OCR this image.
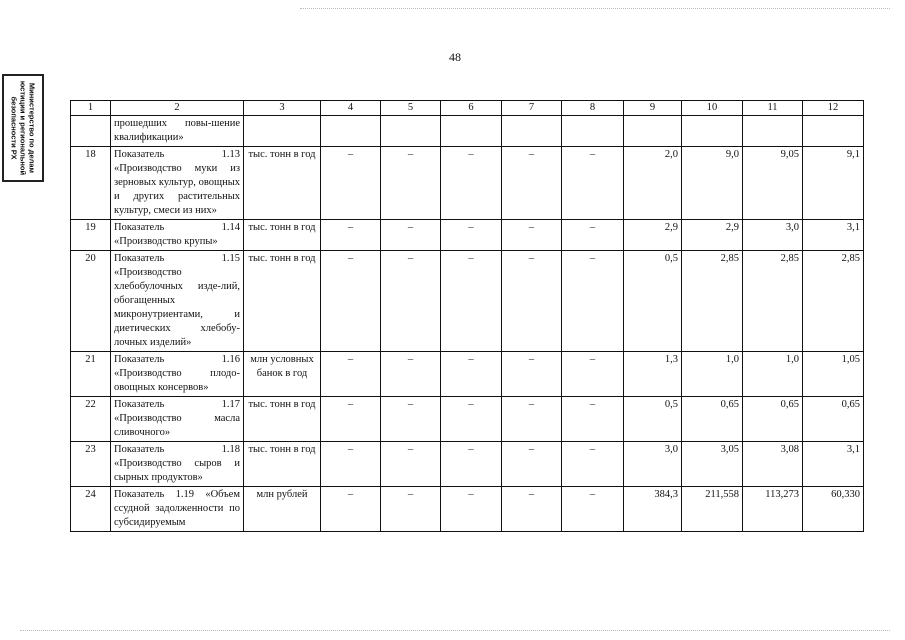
Министерство по делам
юстиции и региональной
безопасности РХ
48
1	2	3	4	5	6	7	8	9	10	11	12
	прошедших повы-шение квалификации»										
18	Показатель 1.13 «Производство муки из зерновых культур, овощных и других растительных культур, смеси из них»	тыс. тонн в год	–	–	–	–	–	2,0	9,0	9,05	9,1
19	Показатель 1.14 «Производство крупы»	тыс. тонн в год	–	–	–	–	–	2,9	2,9	3,0	3,1
20	Показатель 1.15 «Производство хлебобулочных изде-лий, обогащенных микронутриентами, и диетических хлебобу-лочных изделий»	тыс. тонн в год	–	–	–	–	–	0,5	2,85	2,85	2,85
21	Показатель 1.16 «Производство плодо-овощных консервов»	млн условных банок в год	–	–	–	–	–	1,3	1,0	1,0	1,05
22	Показатель 1.17 «Производство масла сливочного»	тыс. тонн в год	–	–	–	–	–	0,5	0,65	0,65	0,65
23	Показатель 1.18 «Производство сыров и сырных продуктов»	тыс. тонн в год	–	–	–	–	–	3,0	3,05	3,08	3,1
24	Показатель 1.19 «Объем ссудной задолженности по субсидируемым	млн рублей	–	–	–	–	–	384,3	211,558	113,273	60,330
